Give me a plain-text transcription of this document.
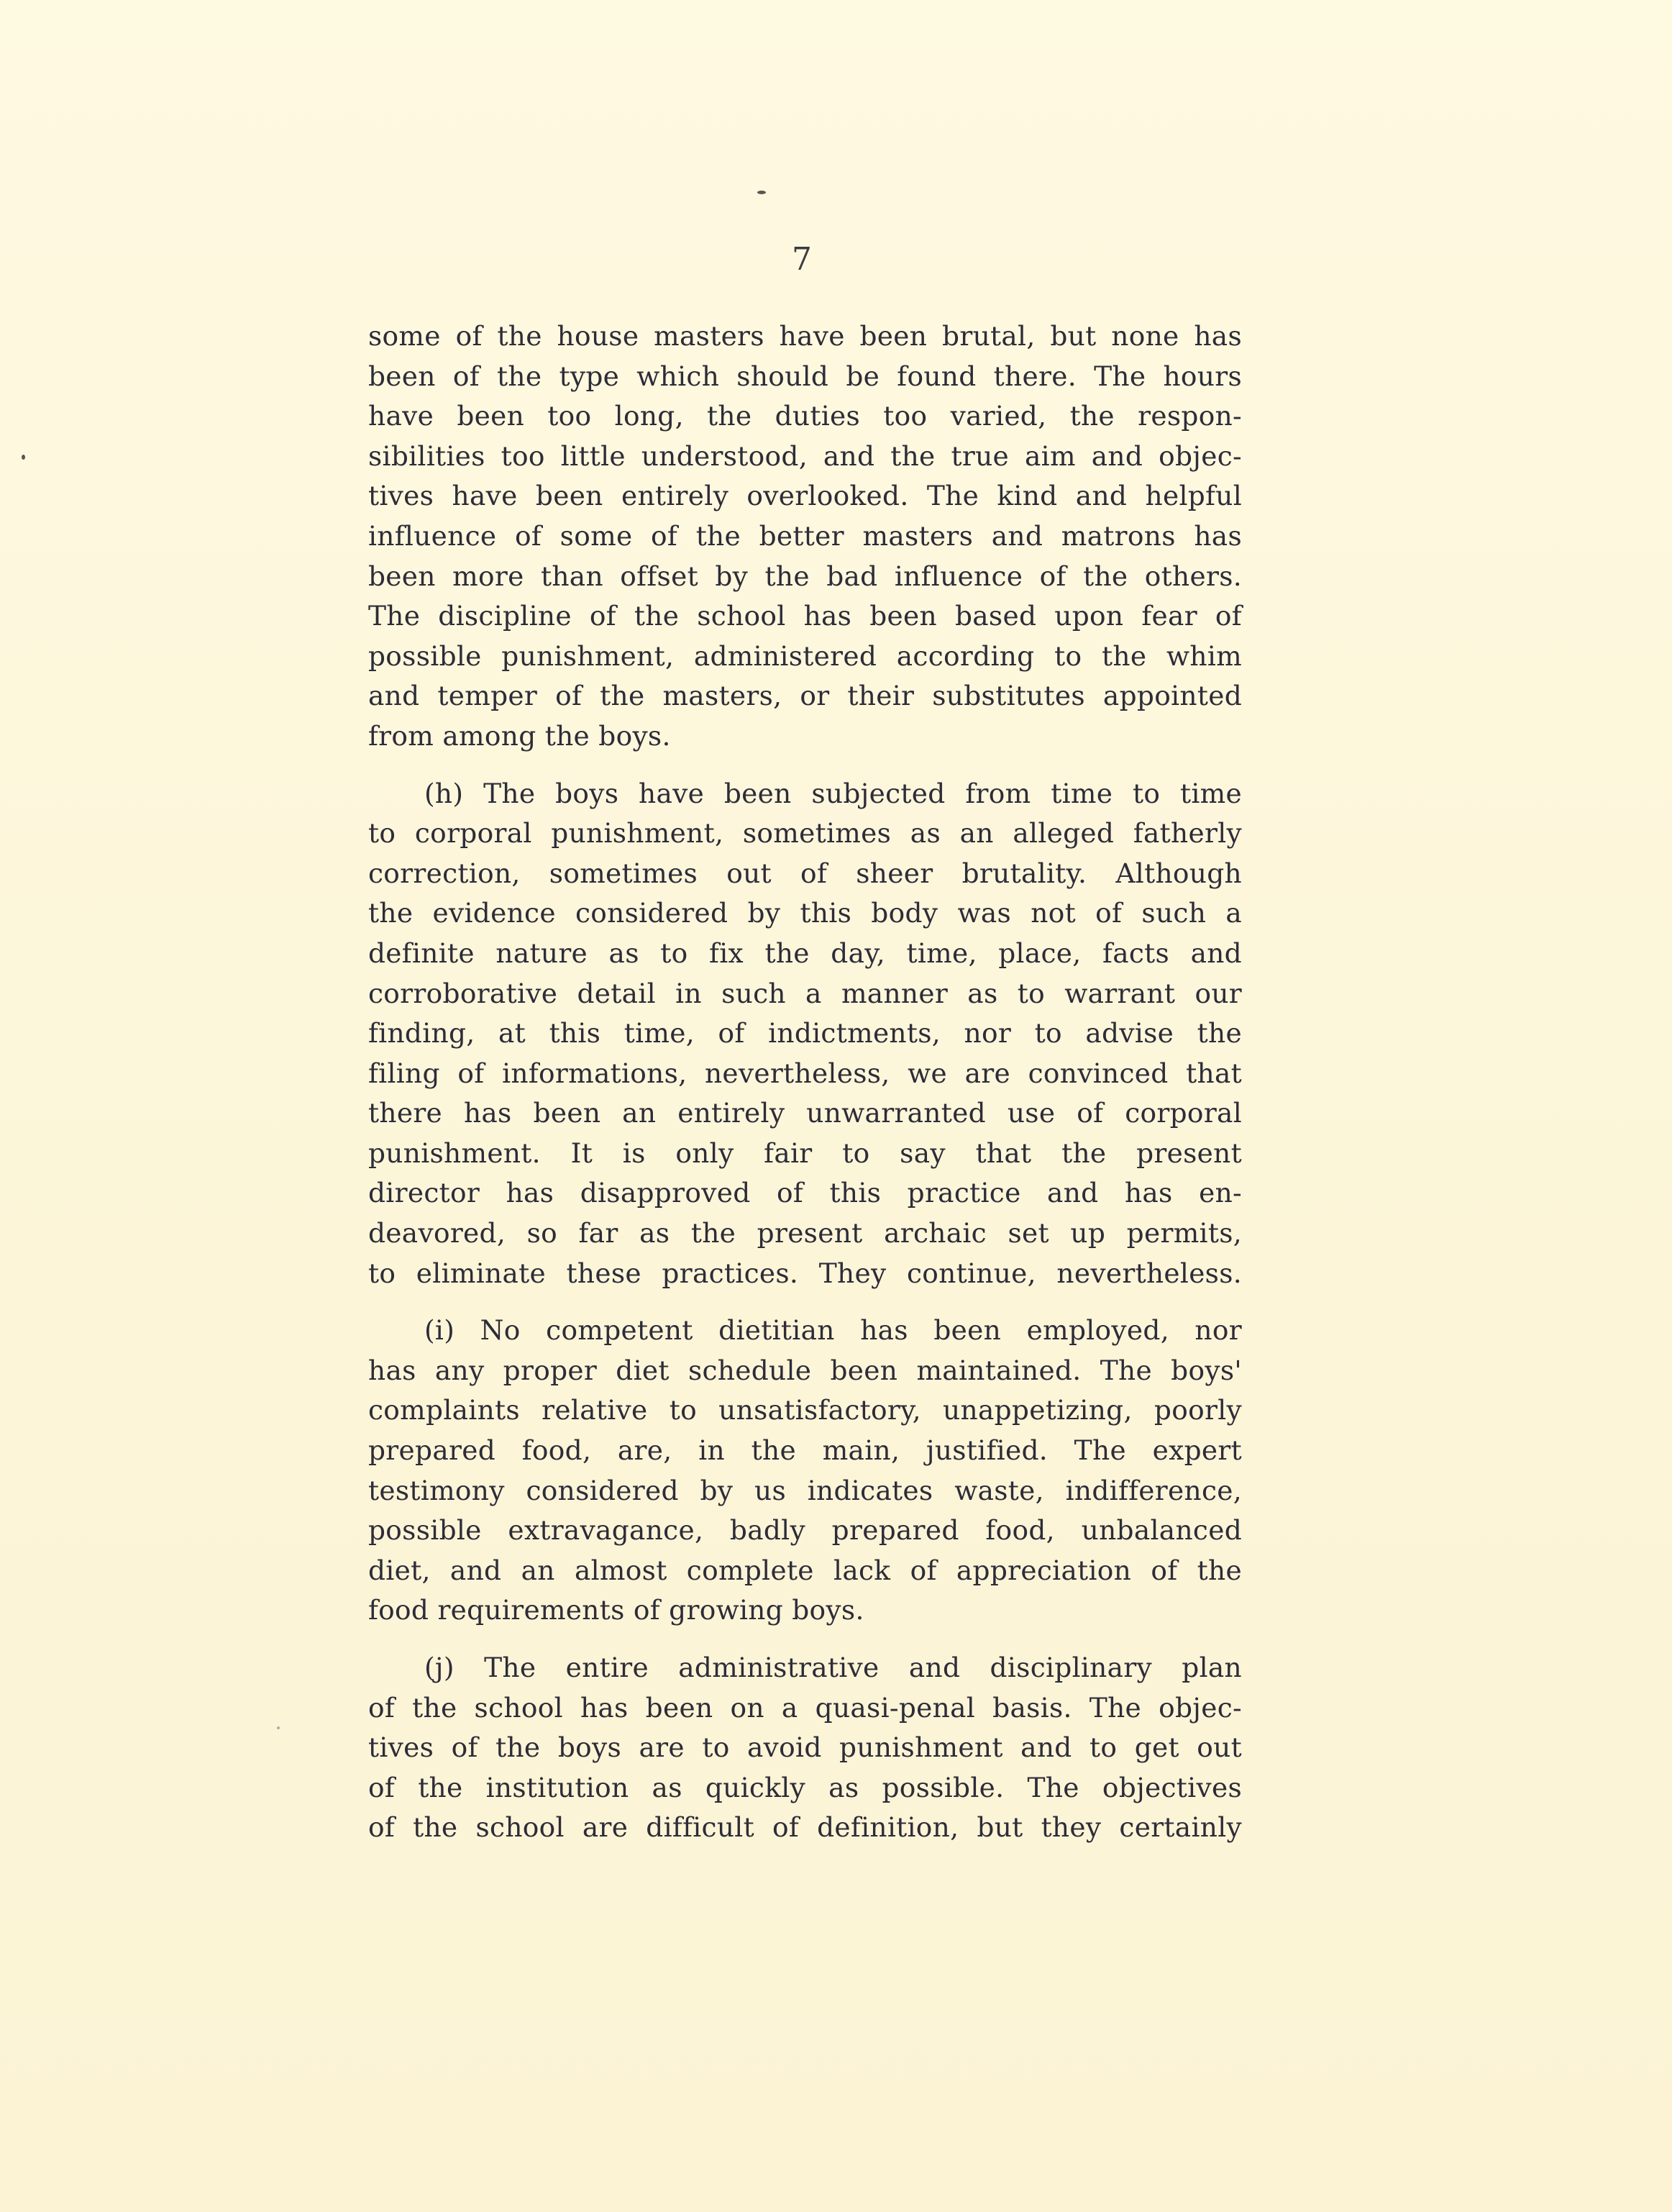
7
some of the house masters have been brutal, but none has
been of the type which should be found there. The hours
have been too long, the duties too varied, the respon-
sibilities too little understood, and the true aim and objec-
tives have been entirely overlooked. The kind and helpful
influence of some of the better masters and matrons has
been more than offset by the bad influence of the others.
The discipline of the school has been based upon fear of
possible punishment, administered according to the whim
and temper of the masters, or their substitutes appointed
from among the boys.
(h) The boys have been subjected from time to time
to corporal punishment, sometimes as an alleged fatherly
correction, sometimes out of sheer brutality. Although
the evidence considered by this body was not of such a
definite nature as to fix the day, time, place, facts and
corroborative detail in such a manner as to warrant our
finding, at this time, of indictments, nor to advise the
filing of informations, nevertheless, we are convinced that
there has been an entirely unwarranted use of corporal
punishment. It is only fair to say that the present
director has disapproved of this practice and has en-
deavored, so far as the present archaic set up permits,
to eliminate these practices. They continue, nevertheless.
(i) No competent dietitian has been employed, nor
has any proper diet schedule been maintained. The boys'
complaints relative to unsatisfactory, unappetizing, poorly
prepared food, are, in the main, justified. The expert
testimony considered by us indicates waste, indifference,
possible extravagance, badly prepared food, unbalanced
diet, and an almost complete lack of appreciation of the
food requirements of growing boys.
(j) The entire administrative and disciplinary plan
of the school has been on a quasi-penal basis. The objec-
tives of the boys are to avoid punishment and to get out
of the institution as quickly as possible. The objectives
of the school are difficult of definition, but they certainly
